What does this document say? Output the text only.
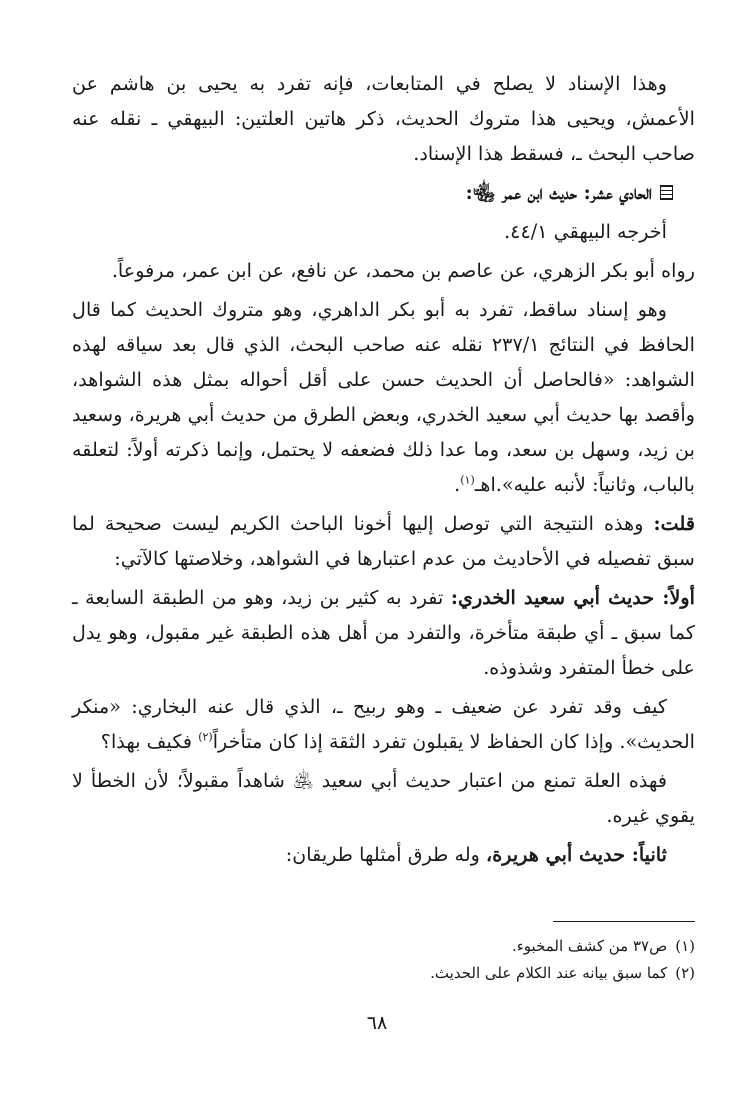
وهذا الإسناد لا يصلح في المتابعات، فإنه تفرد به يحيى بن هاشم عن الأعمش، ويحيى هذا متروك الحديث، ذكر هاتين العلتين: البيهقي ـ نقله عنه صاحب البحث ـ، فسقط هذا الإسناد.

الحادي عشر: حديث ابن عمر ﵄:

أخرجه البيهقي ٤٤/١.

رواه أبو بكر الزهري، عن عاصم بن محمد، عن نافع، عن ابن عمر، مرفوعاً.

وهو إسناد ساقط، تفرد به أبو بكر الداهري، وهو متروك الحديث كما قال الحافظ في النتائج ٢٣٧/١ نقله عنه صاحب البحث، الذي قال بعد سياقه لهذه الشواهد: «فالحاصل أن الحديث حسن على أقل أحواله بمثل هذه الشواهد، وأقصد بها حديث أبي سعيد الخدري، وبعض الطرق من حديث أبي هريرة، وسعيد بن زيد، وسهل بن سعد، وما عدا ذلك فضعفه لا يحتمل، وإنما ذكرته أولاً: لتعلقه بالباب، وثانياً: لأنبه عليه».اهـ$^{(١)}$.

قلت: وهذه النتيجة التي توصل إليها أخونا الباحث الكريم ليست صحيحة لما سبق تفصيله في الأحاديث من عدم اعتبارها في الشواهد، وخلاصتها كالآتي:

أولاً: حديث أبي سعيد الخدري: تفرد به كثير بن زيد، وهو من الطبقة السابعة ـ كما سبق ـ أي طبقة متأخرة، والتفرد من أهل هذه الطبقة غير مقبول، وهو يدل على خطأ المتفرد وشذوذه.

كيف وقد تفرد عن ضعيف ـ وهو ربيح ـ، الذي قال عنه البخاري: «منكر الحديث». وإذا كان الحفاظ لا يقبلون تفرد الثقة إذا كان متأخراً$^{(٢)}$ فكيف بهذا؟

فهذه العلة تمنع من اعتبار حديث أبي سعيد ﵁ شاهداً مقبولاً؛ لأن الخطأ لا يقوي غيره.

ثانياً: حديث أبي هريرة، وله طرق أمثلها طريقان:

(١)ص٣٧ من كشف المخبوء.

(٢)كما سبق بيانه عند الكلام على الحديث.

٦٨
